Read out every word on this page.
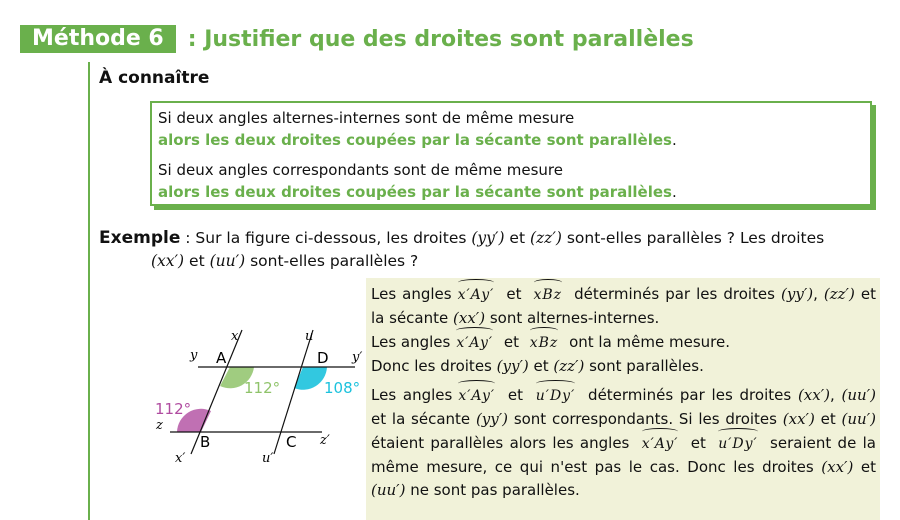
Méthode 6	: Justifier que des droites sont parallèles
À connaître
Si deux angles alternes-internes sont de même mesure
alors les deux droites coupées par la sécante sont parallèles.
Si deux angles correspondants sont de même mesure
alors les deux droites coupées par la sécante sont parallèles.
Exemple : Sur la figure ci-dessous, les droites (yy′) et (zz′) sont-elles parallèles ? Les droites
(xx′) et (uu′) sont-elles parallèles ?
x	u
y A	D y′
112°	108°
112°
z
B	C z′
x′	u′

Les angles x′Ay′ et xBz déterminés par les droites (yy′), (zz′) et la sécante (xx′) sont alternes-internes.

Les angles x′Ay′ et xBz ont la même mesure.

Donc les droites (yy′) et (zz′) sont parallèles.

Les angles x′Ay′ et u′Dy′ déterminés par les droites (xx′), (uu′) et la sécante (yy′) sont correspondants. Si les droites (xx′) et (uu′) étaient parallèles alors les angles x′Ay′ et u′Dy′ seraient de la même mesure, ce qui n'est pas le cas. Donc les droites (xx′) et (uu′) ne sont pas parallèles.
